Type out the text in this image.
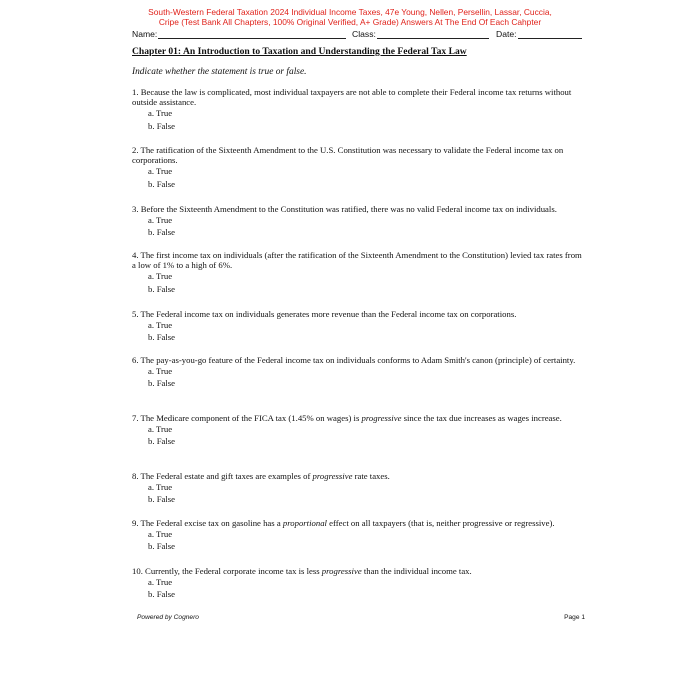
South-Western Federal Taxation 2024 Individual Income Taxes, 47e Young, Nellen, Persellin, Lassar, Cuccia,
Cripe (Test Bank All Chapters, 100% Original Verified, A+ Grade) Answers At The End Of Each Cahpter
Name:	Class:	Date:
Chapter 01: An Introduction to Taxation and Understanding the Federal Tax Law
Indicate whether the statement is true or false.

1. Because the law is complicated, most individual taxpayers are not able to complete their Federal income tax returns without outside assistance.

a. True
b. False

2. The ratification of the Sixteenth Amendment to the U.S. Constitution was necessary to validate the Federal income tax on corporations.

a. True
b. False

3. Before the Sixteenth Amendment to the Constitution was ratified, there was no valid Federal income tax on individuals.

a. True
b. False

4. The first income tax on individuals (after the ratification of the Sixteenth Amendment to the Constitution) levied tax rates from a low of 1% to a high of 6%.

a. True
b. False

5. The Federal income tax on individuals generates more revenue than the Federal income tax on corporations.

a. True
b. False

6. The pay-as-you-go feature of the Federal income tax on individuals conforms to Adam Smith's canon (principle) of certainty.

a. True
b. False

7. The Medicare component of the FICA tax (1.45% on wages) is progressive since the tax due increases as wages increase.

a. True
b. False

8. The Federal estate and gift taxes are examples of progressive rate taxes.

a. True
b. False

9. The Federal excise tax on gasoline has a proportional effect on all taxpayers (that is, neither progressive or regressive).

a. True
b. False

10. Currently, the Federal corporate income tax is less progressive than the individual income tax.

a. True
b. False
Powered by Cognero	Page 1
